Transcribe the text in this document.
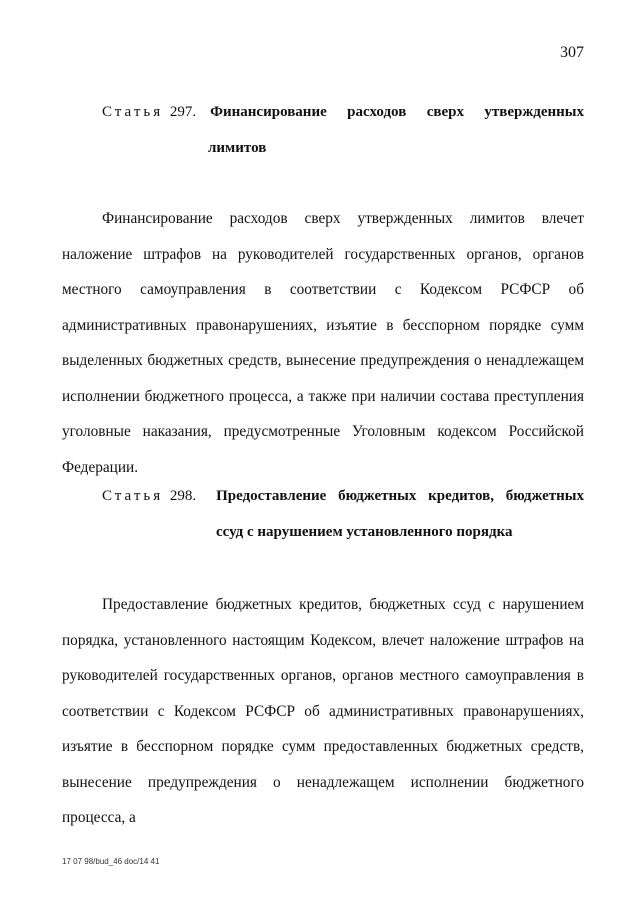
307
Статья 297. Финансирование расходов сверх утвержденных
лимитов

Финансирование расходов сверх утвержденных лимитов влечет наложение штрафов на руководителей государственных органов, органов местного самоуправления в соответствии с Кодексом РСФСР об административных правонарушениях, изъятие в бесспорном порядке сумм выделенных бюджетных средств, вынесение предупреждения о ненадлежащем исполнении бюджетного процесса, а также при наличии состава преступления уголовные наказания, предусмотренные Уголовным кодексом Российской Федерации.

Статья 298. Предоставление бюджетных кредитов, бюджетных
ссуд с нарушением установленного порядка

Предоставление бюджетных кредитов, бюджетных ссуд с нарушением порядка, установленного настоящим Кодексом, влечет наложение штрафов на руководителей государственных органов, органов местного самоуправления в соответствии с Кодексом РСФСР об административных правонарушениях, изъятие в бесспорном порядке сумм предоставленных бюджетных средств, вынесение предупреждения о ненадлежащем исполнении бюджетного процесса, а

17 07 98/bud_46 doc/14 41
